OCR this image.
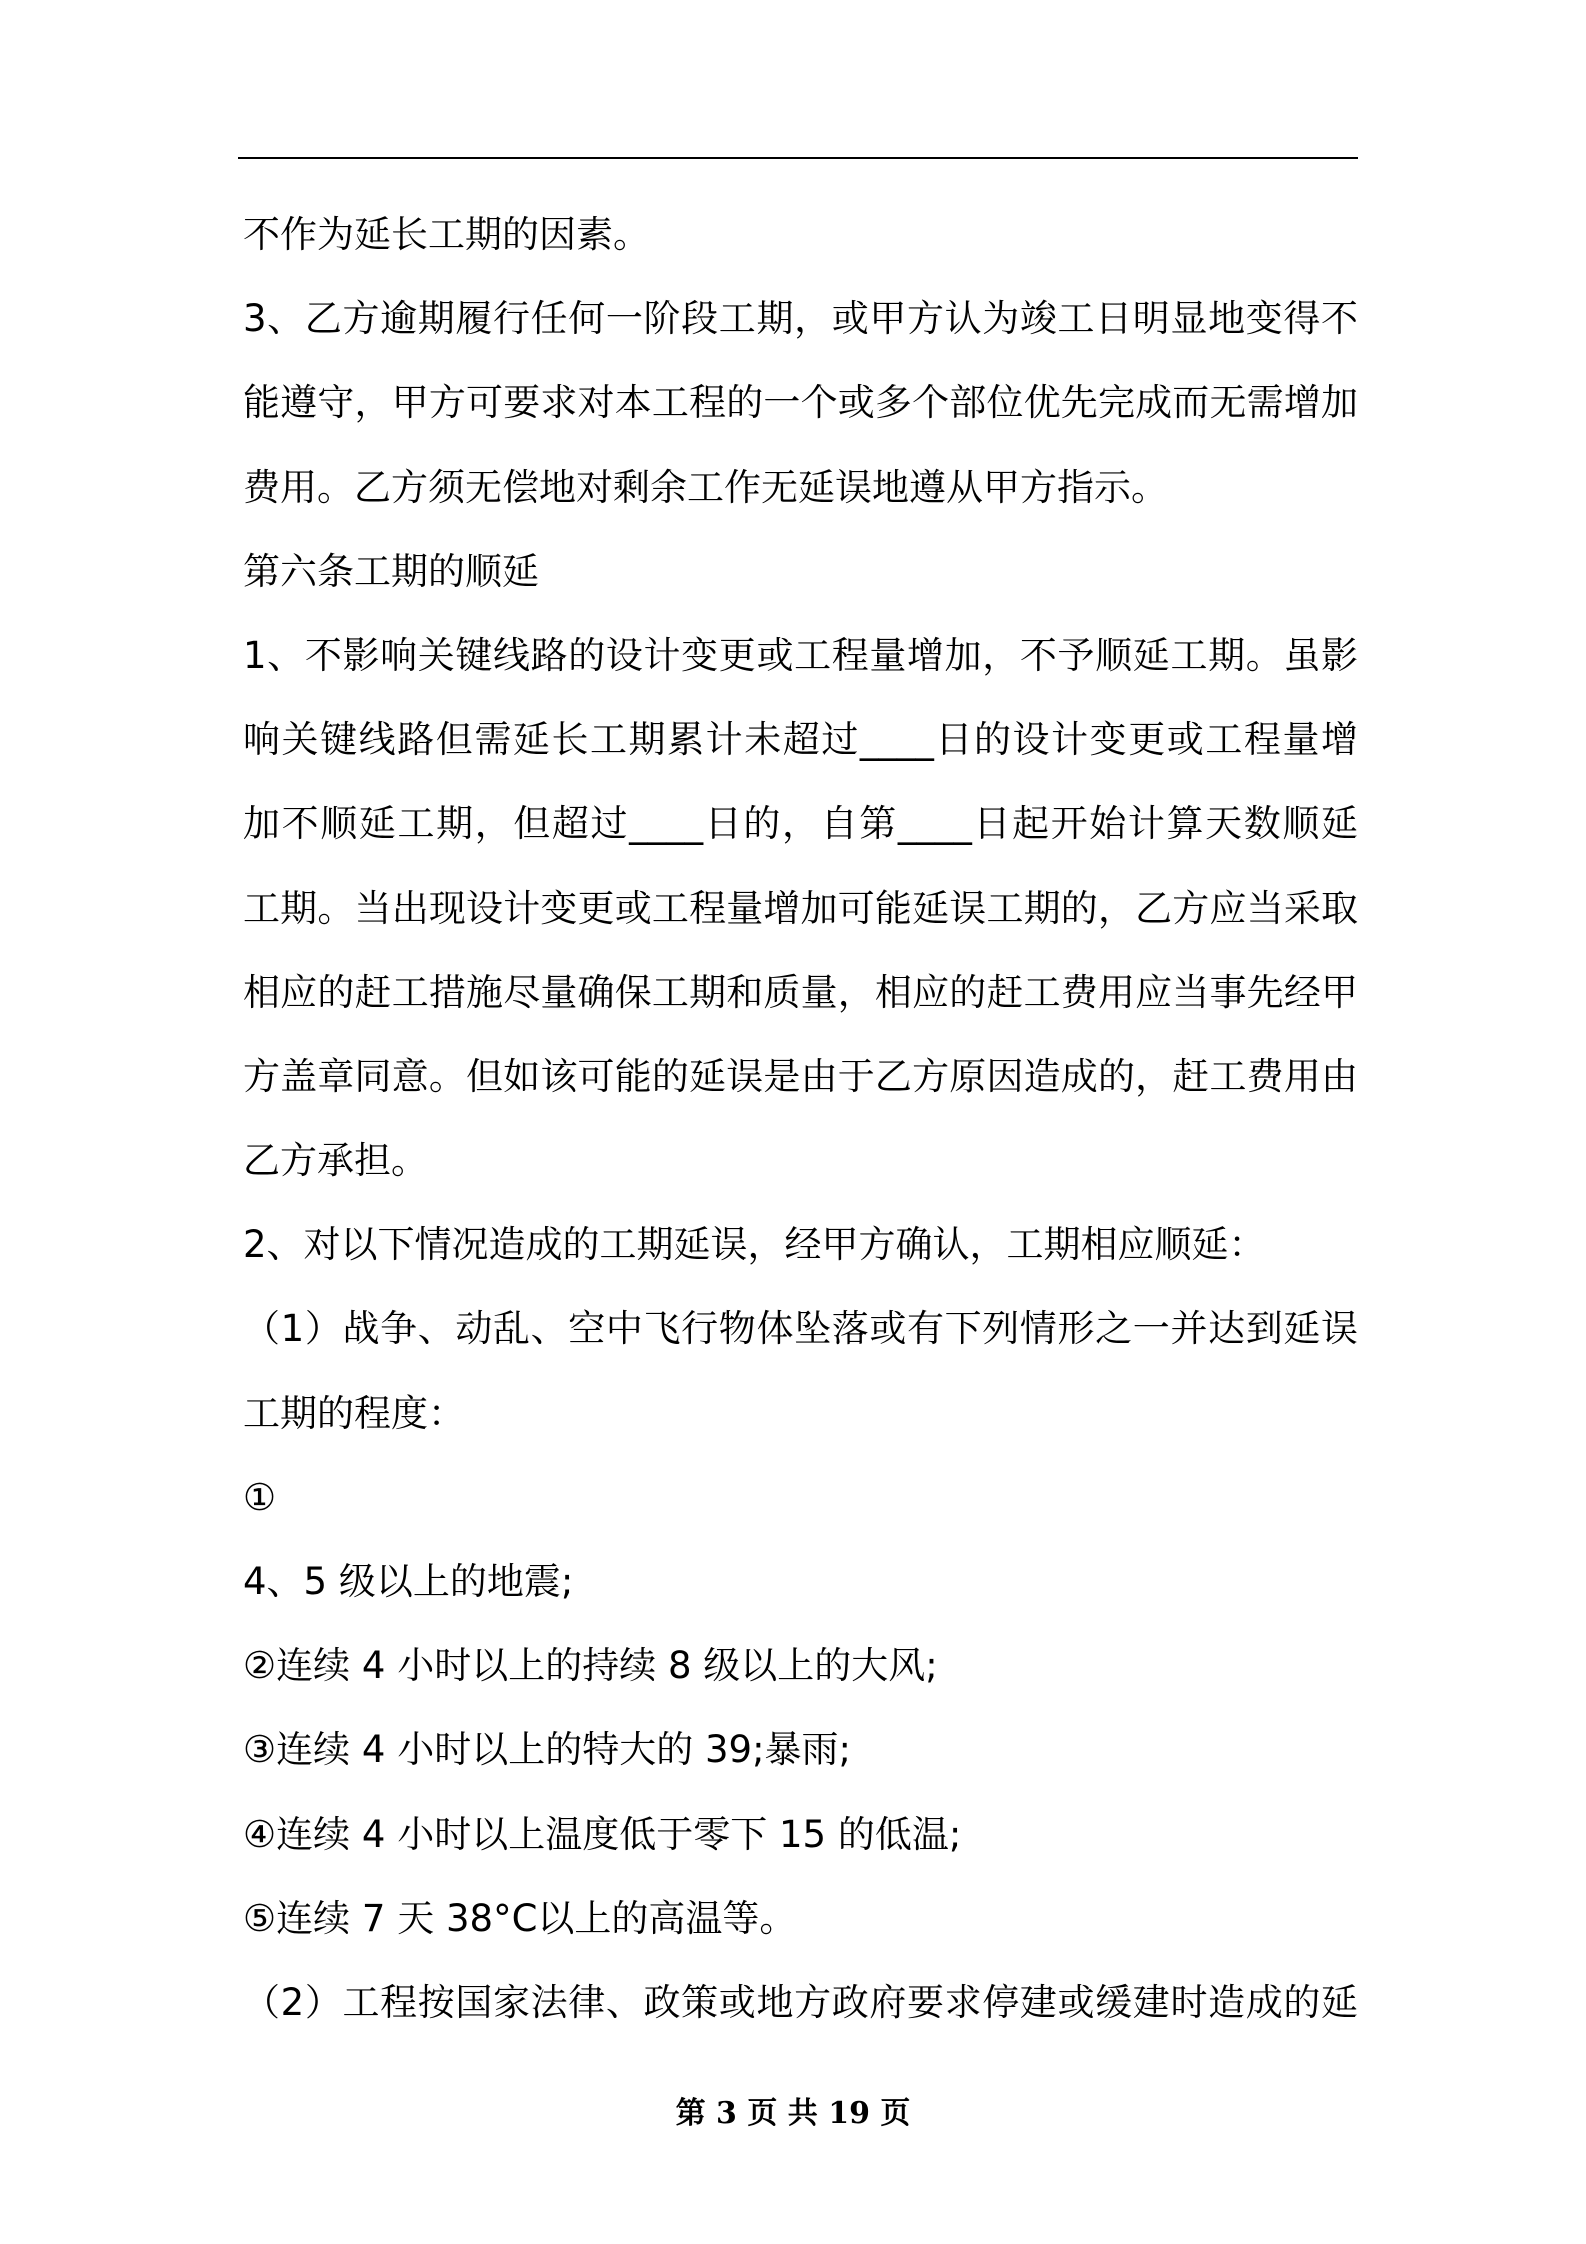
不作为延长工期的因素。
3、乙方逾期履行任何一阶段工期，或甲方认为竣工日明显地变得不
能遵守，甲方可要求对本工程的一个或多个部位优先完成而无需增加
费用。乙方须无偿地对剩余工作无延误地遵从甲方指示。
第六条工期的顺延
1、不影响关键线路的设计变更或工程量增加，不予顺延工期。虽影
响关键线路但需延长工期累计未超过____日的设计变更或工程量增
加不顺延工期，但超过____日的，自第____日起开始计算天数顺延
工期。当出现设计变更或工程量增加可能延误工期的，乙方应当采取
相应的赶工措施尽量确保工期和质量，相应的赶工费用应当事先经甲
方盖章同意。但如该可能的延误是由于乙方原因造成的，赶工费用由
乙方承担。
2、对以下情况造成的工期延误，经甲方确认，工期相应顺延：
（1）战争、动乱、空中飞行物体坠落或有下列情形之一并达到延误
工期的程度：
①
4、5 级以上的地震;
②连续 4 小时以上的持续 8 级以上的大风;
③连续 4 小时以上的特大的 39;暴雨;
④连续 4 小时以上温度低于零下 15 的低温;
⑤连续 7 天 38°C以上的高温等。
（2）工程按国家法律、政策或地方政府要求停建或缓建时造成的延
第 3 页 共 19 页
